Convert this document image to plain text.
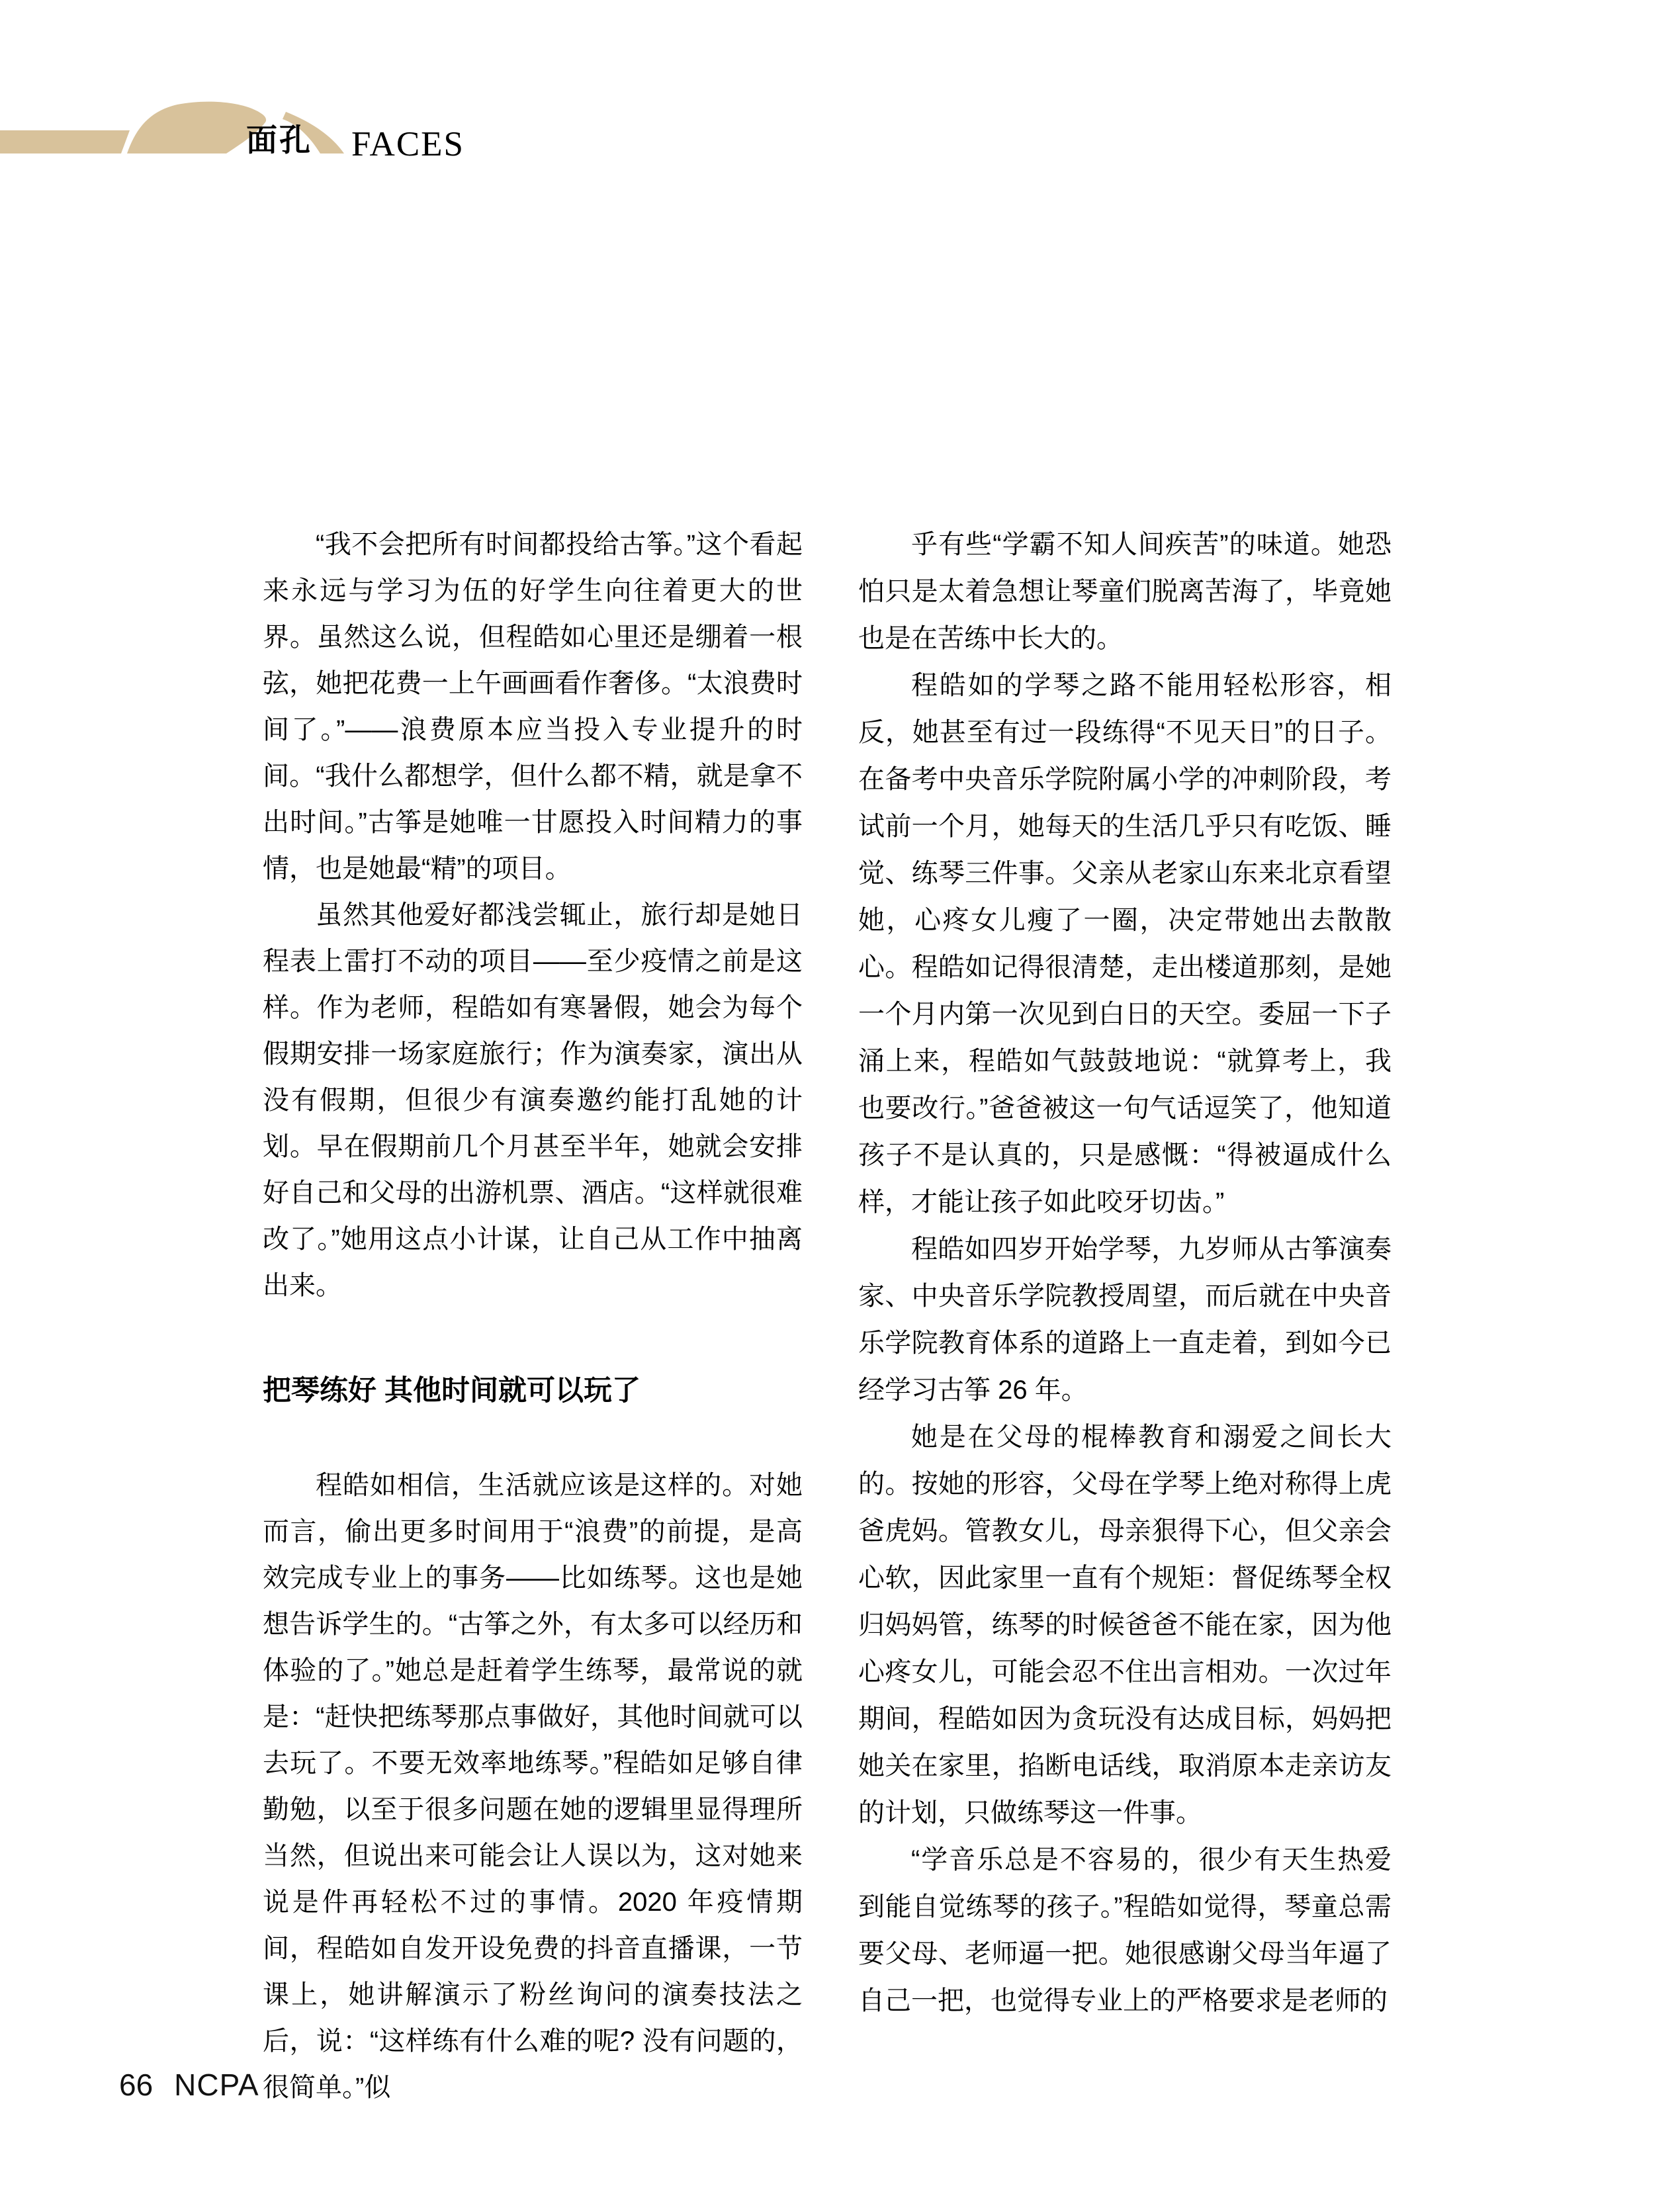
面孔 FACES

“我不会把所有时间都投给古筝。”这个看起来永远与学习为伍的好学生向往着更大的世界。虽然这么说，但程皓如心里还是绷着一根弦，她把花费一上午画画看作奢侈。“太浪费时间了。”——浪费原本应当投入专业提升的时间。“我什么都想学，但什么都不精，就是拿不出时间。”古筝是她唯一甘愿投入时间精力的事情，也是她最“精”的项目。

虽然其他爱好都浅尝辄止，旅行却是她日程表上雷打不动的项目——至少疫情之前是这样。作为老师，程皓如有寒暑假，她会为每个假期安排一场家庭旅行；作为演奏家，演出从没有假期，但很少有演奏邀约能打乱她的计划。早在假期前几个月甚至半年，她就会安排好自己和父母的出游机票、酒店。“这样就很难改了。”她用这点小计谋，让自己从工作中抽离出来。

把琴练好 其他时间就可以玩了

程皓如相信，生活就应该是这样的。对她而言，偷出更多时间用于“浪费”的前提，是高效完成专业上的事务——比如练琴。这也是她想告诉学生的。“古筝之外，有太多可以经历和体验的了。”她总是赶着学生练琴，最常说的就是：“赶快把练琴那点事做好，其他时间就可以去玩了。不要无效率地练琴。”程皓如足够自律勤勉，以至于很多问题在她的逻辑里显得理所当然，但说出来可能会让人误以为，这对她来说是件再轻松不过的事情。2020 年疫情期间，程皓如自发开设免费的抖音直播课，一节课上，她讲解演示了粉丝询问的演奏技法之后，说：“这样练有什么难的呢? 没有问题的，很简单。”似

乎有些“学霸不知人间疾苦”的味道。她恐怕只是太着急想让琴童们脱离苦海了，毕竟她也是在苦练中长大的。

程皓如的学琴之路不能用轻松形容，相反，她甚至有过一段练得“不见天日”的日子。在备考中央音乐学院附属小学的冲刺阶段，考试前一个月，她每天的生活几乎只有吃饭、睡觉、练琴三件事。父亲从老家山东来北京看望她，心疼女儿瘦了一圈，决定带她出去散散心。程皓如记得很清楚，走出楼道那刻，是她一个月内第一次见到白日的天空。委屈一下子涌上来，程皓如气鼓鼓地说：“就算考上，我也要改行。”爸爸被这一句气话逗笑了，他知道孩子不是认真的，只是感慨：“得被逼成什么样，才能让孩子如此咬牙切齿。”

程皓如四岁开始学琴，九岁师从古筝演奏家、中央音乐学院教授周望，而后就在中央音乐学院教育体系的道路上一直走着，到如今已经学习古筝 26 年。

她是在父母的棍棒教育和溺爱之间长大的。按她的形容，父母在学琴上绝对称得上虎爸虎妈。管教女儿，母亲狠得下心，但父亲会心软，因此家里一直有个规矩：督促练琴全权归妈妈管，练琴的时候爸爸不能在家，因为他心疼女儿，可能会忍不住出言相劝。一次过年期间，程皓如因为贪玩没有达成目标，妈妈把她关在家里，掐断电话线，取消原本走亲访友的计划，只做练琴这一件事。

“学音乐总是不容易的，很少有天生热爱到能自觉练琴的孩子。”程皓如觉得，琴童总需要父母、老师逼一把。她很感谢父母当年逼了自己一把，也觉得专业上的严格要求是老师的

66 NCPA
